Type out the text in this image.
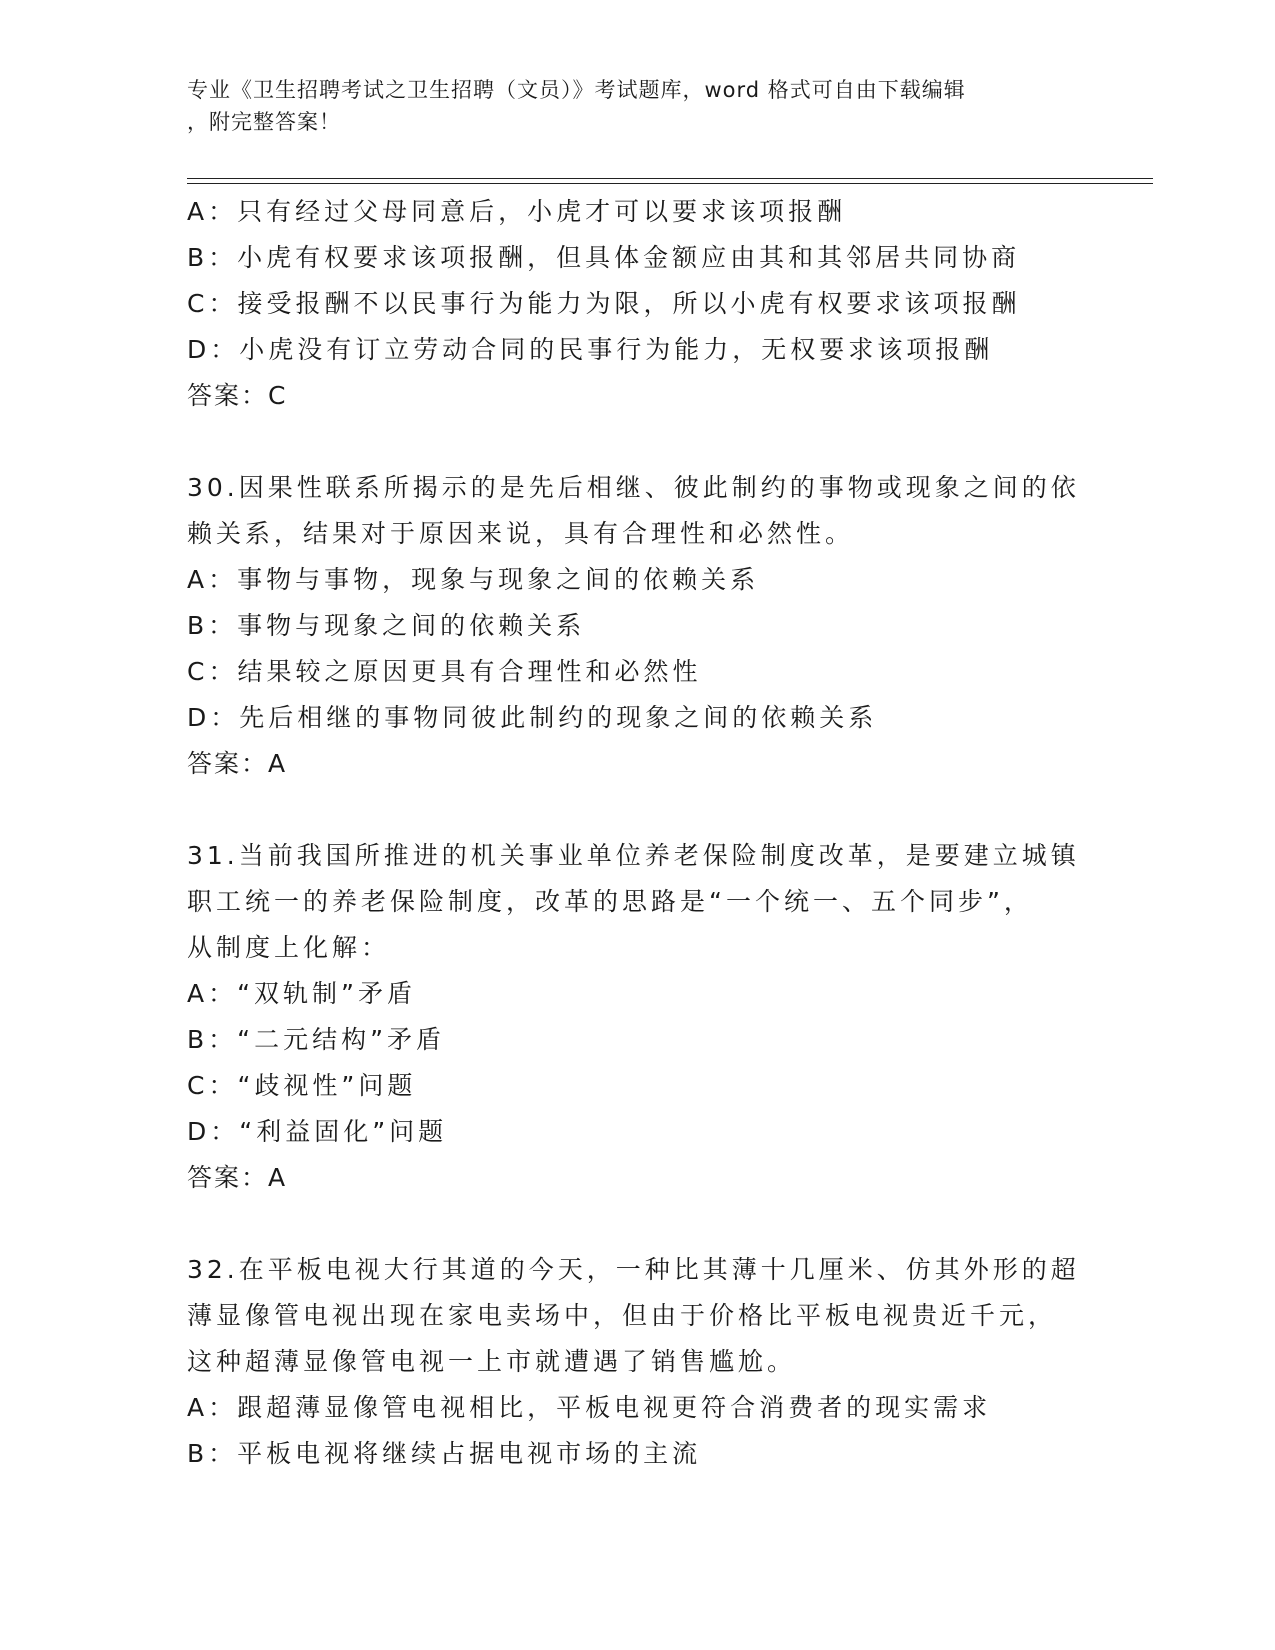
专业《卫生招聘考试之卫生招聘（文员）》考试题库，word 格式可自由下载编辑
，附完整答案！
A：只有经过父母同意后，小虎才可以要求该项报酬
B：小虎有权要求该项报酬，但具体金额应由其和其邻居共同协商
C：接受报酬不以民事行为能力为限，所以小虎有权要求该项报酬
D：小虎没有订立劳动合同的民事行为能力，无权要求该项报酬
答案：C
30.因果性联系所揭示的是先后相继、彼此制约的事物或现象之间的依
赖关系，结果对于原因来说，具有合理性和必然性。
A：事物与事物，现象与现象之间的依赖关系
B：事物与现象之间的依赖关系
C：结果较之原因更具有合理性和必然性
D：先后相继的事物同彼此制约的现象之间的依赖关系
答案：A
31.当前我国所推进的机关事业单位养老保险制度改革，是要建立城镇
职工统一的养老保险制度，改革的思路是“一个统一、五个同步”，
从制度上化解：
A：“双轨制”矛盾
B：“二元结构”矛盾
C：“歧视性”问题
D：“利益固化”问题
答案：A
32.在平板电视大行其道的今天，一种比其薄十几厘米、仿其外形的超
薄显像管电视出现在家电卖场中，但由于价格比平板电视贵近千元，
这种超薄显像管电视一上市就遭遇了销售尴尬。
A：跟超薄显像管电视相比，平板电视更符合消费者的现实需求
B：平板电视将继续占据电视市场的主流
